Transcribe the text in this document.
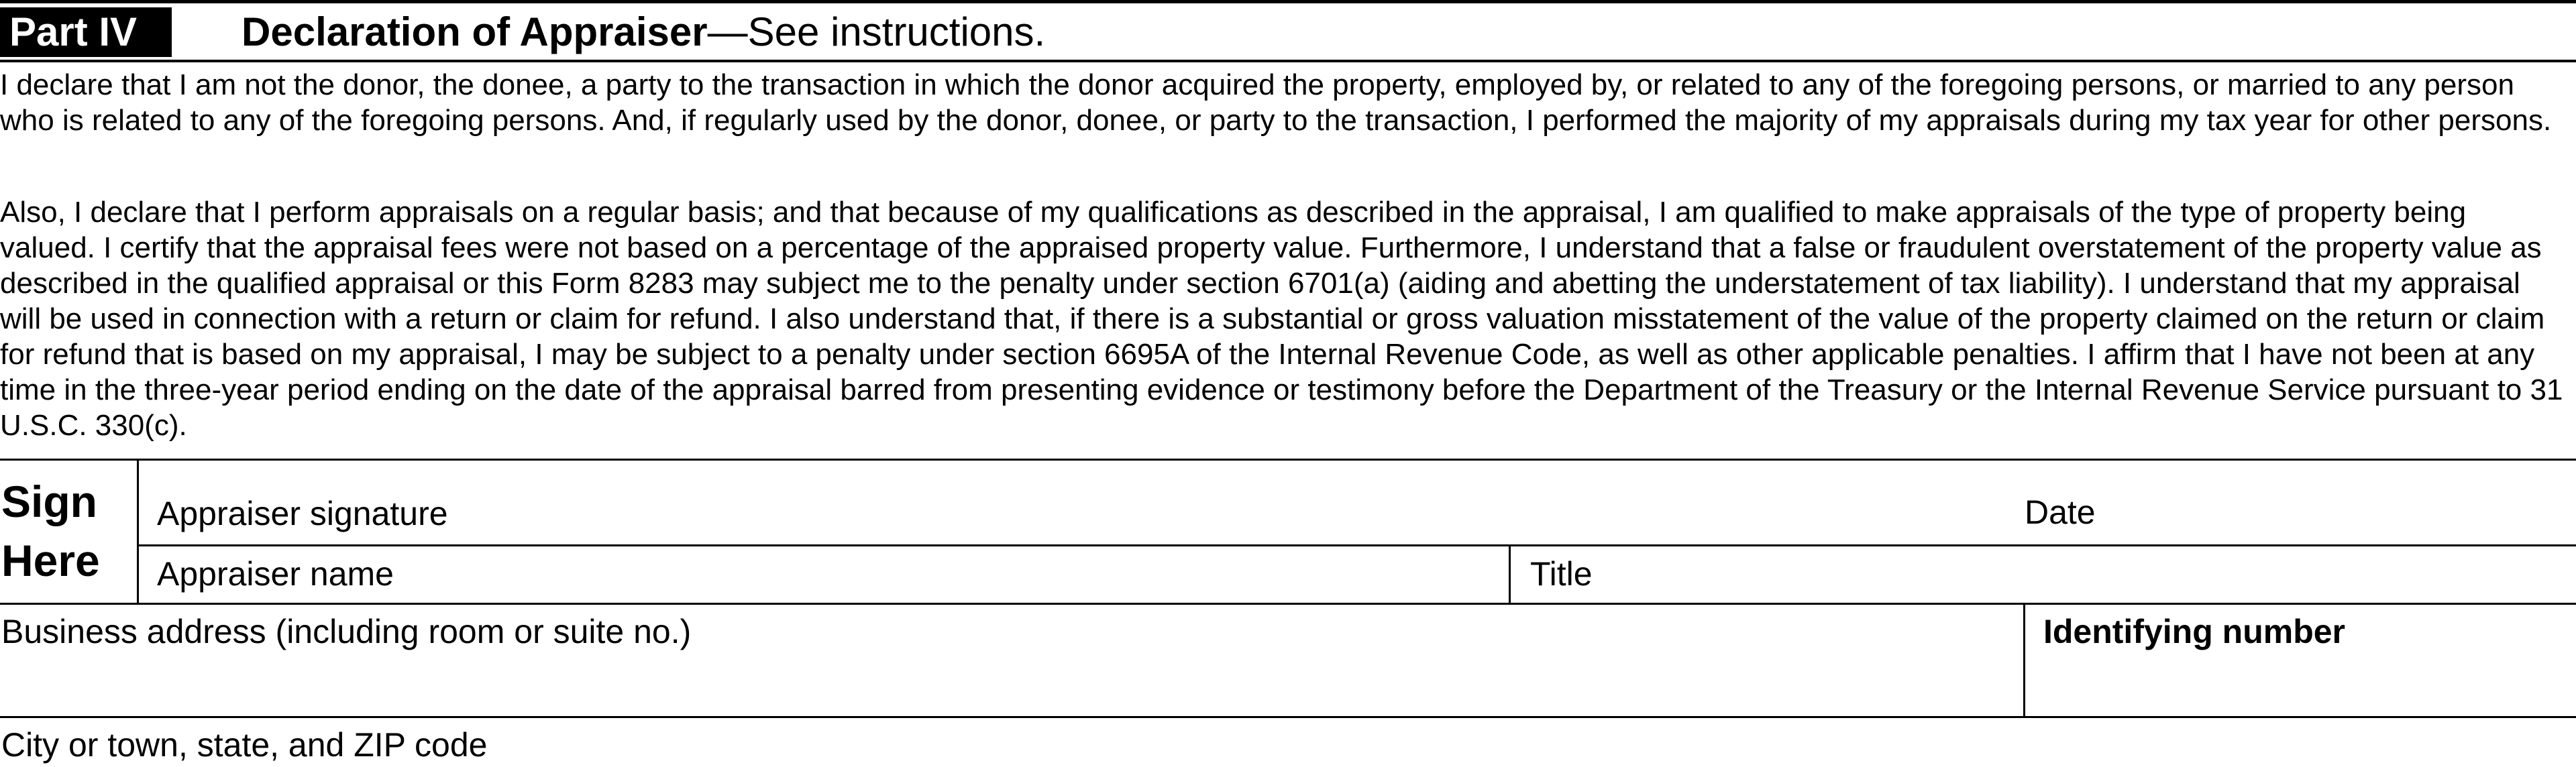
Part IV	Declaration of Appraiser—See instructions.

I declare that I am not the donor, the donee, a party to the transaction in which the donor acquired the property, employed by, or related to any of the foregoing persons, or married to any person who is related to any of the foregoing persons. And, if regularly used by the donor, donee, or party to the transaction, I performed the majority of my appraisals during my tax year for other persons.

Also, I declare that I perform appraisals on a regular basis; and that because of my qualifications as described in the appraisal, I am qualified to make appraisals of the type of property being valued. I certify that the appraisal fees were not based on a percentage of the appraised property value. Furthermore, I understand that a false or fraudulent overstatement of the property value as described in the qualified appraisal or this Form 8283 may subject me to the penalty under section 6701(a) (aiding and abetting the understatement of tax liability). I understand that my appraisal will be used in connection with a return or claim for refund. I also understand that, if there is a substantial or gross valuation misstatement of the value of the property claimed on the return or claim for refund that is based on my appraisal, I may be subject to a penalty under section 6695A of the Internal Revenue Code, as well as other applicable penalties. I affirm that I have not been at any time in the three-year period ending on the date of the appraisal barred from presenting evidence or testimony before the Department of the Treasury or the Internal Revenue Service pursuant to 31 U.S.C. 330(c).

Sign
Here
Appraiser signature	Date
Appraiser name	Title
Business address (including room or suite no.)	Identifying number
City or town, state, and ZIP code
